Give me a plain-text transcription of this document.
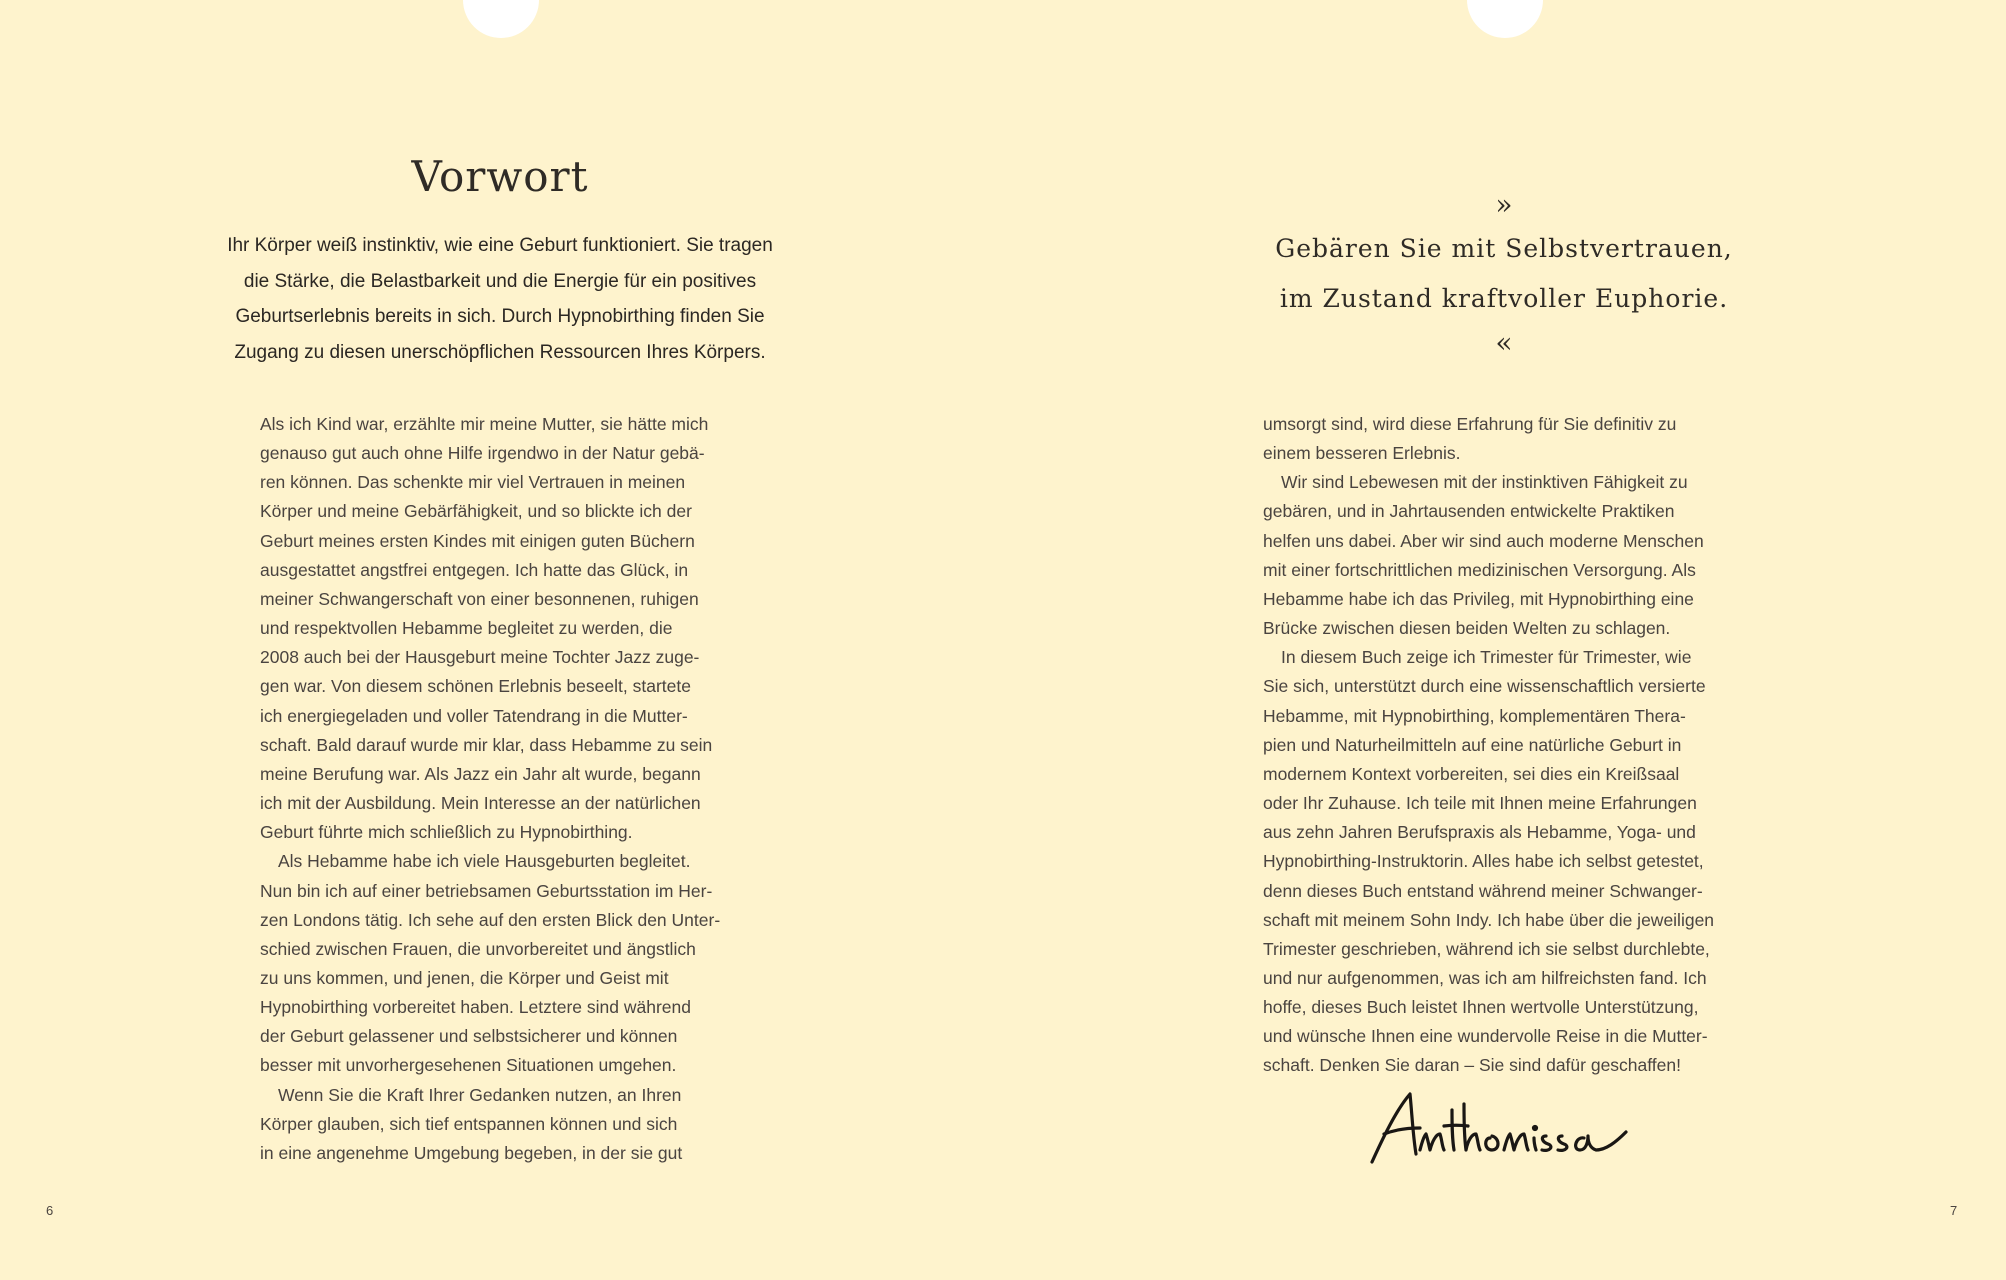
Vorwort
Ihr Körper weiß instinktiv, wie eine Geburt funktioniert. Sie tragen
die Stärke, die Belastbarkeit und die Energie für ein positives
Geburtserlebnis bereits in sich. Durch Hypnobirthing finden Sie
Zugang zu diesen unerschöpflichen Ressourcen Ihres Körpers.
Als ich Kind war, erzählte mir meine Mutter, sie hätte mich
genauso gut auch ohne Hilfe irgendwo in der Natur gebä-
ren können. Das schenkte mir viel Vertrauen in meinen
Körper und meine Gebärfähigkeit, und so blickte ich der
Geburt meines ersten Kindes mit einigen guten Büchern
ausgestattet angstfrei entgegen. Ich hatte das Glück, in
meiner Schwangerschaft von einer besonnenen, ruhigen
und respektvollen Hebamme begleitet zu werden, die
2008 auch bei der Hausgeburt meine Tochter Jazz zuge-
gen war. Von diesem schönen Erlebnis beseelt, startete
ich energiegeladen und voller Tatendrang in die Mutter-
schaft. Bald darauf wurde mir klar, dass Hebamme zu sein
meine Berufung war. Als Jazz ein Jahr alt wurde, begann
ich mit der Ausbildung. Mein Interesse an der natürlichen
Geburt führte mich schließlich zu Hypnobirthing.
Als Hebamme habe ich viele Hausgeburten begleitet.
Nun bin ich auf einer betriebsamen Geburtsstation im Her-
zen Londons tätig. Ich sehe auf den ersten Blick den Unter-
schied zwischen Frauen, die unvorbereitet und ängstlich
zu uns kommen, und jenen, die Körper und Geist mit
Hypnobirthing vorbereitet haben. Letztere sind während
der Geburt gelassener und selbstsicherer und können
besser mit unvorhergesehenen Situationen umgehen.
Wenn Sie die Kraft Ihrer Gedanken nutzen, an Ihren
Körper glauben, sich tief entspannen können und sich
in eine angenehme Umgebung begeben, in der sie gut
6
»
Gebären Sie mit Selbstvertrauen,
im Zustand kraftvoller Euphorie.
«
umsorgt sind, wird diese Erfahrung für Sie definitiv zu
einem besseren Erlebnis.
Wir sind Lebewesen mit der instinktiven Fähigkeit zu
gebären, und in Jahrtausenden entwickelte Praktiken
helfen uns dabei. Aber wir sind auch moderne Menschen
mit einer fortschrittlichen medizinischen Versorgung. Als
Hebamme habe ich das Privileg, mit Hypnobirthing eine
Brücke zwischen diesen beiden Welten zu schlagen.
In diesem Buch zeige ich Trimester für Trimester, wie
Sie sich, unterstützt durch eine wissenschaftlich versierte
Hebamme, mit Hypnobirthing, komplementären Thera-
pien und Naturheilmitteln auf eine natürliche Geburt in
modernem Kontext vorbereiten, sei dies ein Kreißsaal
oder Ihr Zuhause. Ich teile mit Ihnen meine Erfahrungen
aus zehn Jahren Berufspraxis als Hebamme, Yoga- und
Hypnobirthing-Instruktorin. Alles habe ich selbst getestet,
denn dieses Buch entstand während meiner Schwanger-
schaft mit meinem Sohn Indy. Ich habe über die jeweiligen
Trimester geschrieben, während ich sie selbst durchlebte,
und nur aufgenommen, was ich am hilfreichsten fand. Ich
hoffe, dieses Buch leistet Ihnen wertvolle Unterstützung,
und wünsche Ihnen eine wundervolle Reise in die Mutter-
schaft. Denken Sie daran – Sie sind dafür geschaffen!
7
